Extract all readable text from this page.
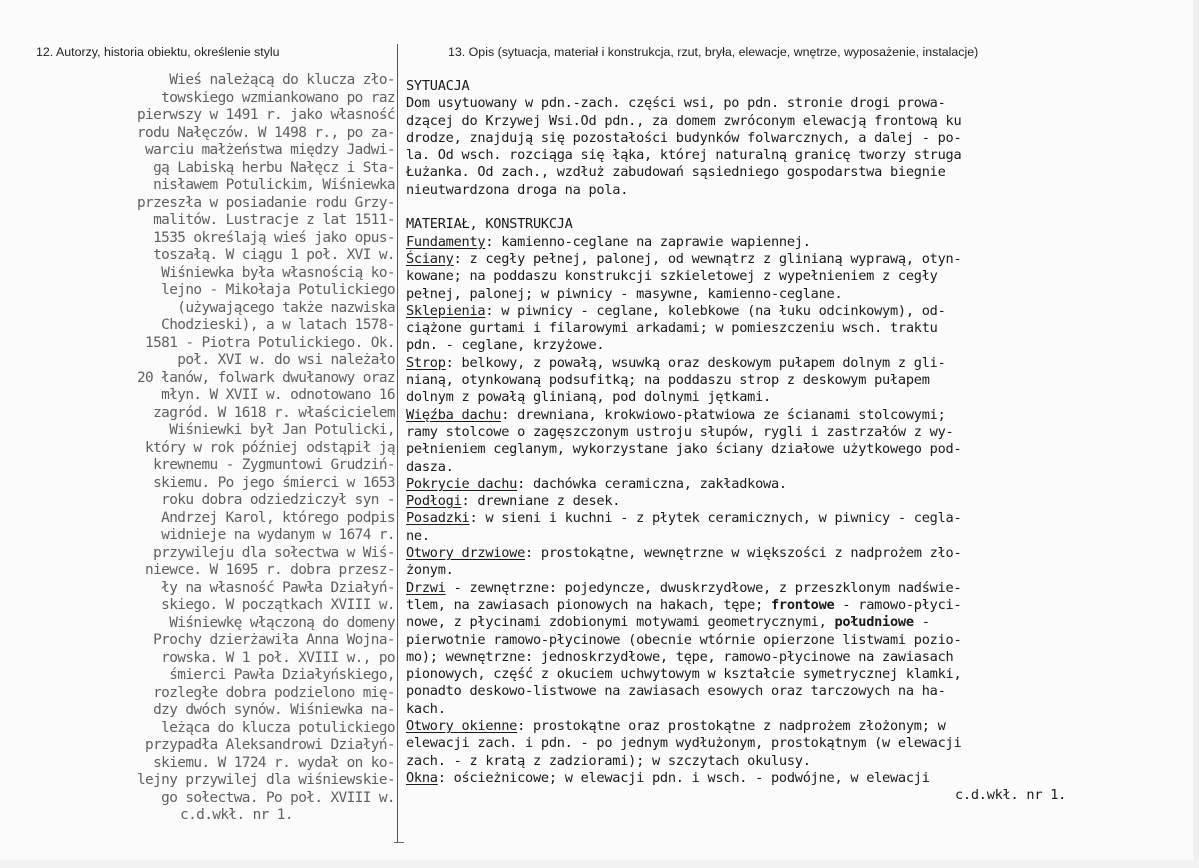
12. Autorzy, historia obiektu, określenie stylu	13. Opis (sytuacja, materiał i konstrukcja, rzut, bryła, elewacje, wnętrze, wyposażenie, instalacje)
Wieś należącą do klucza zło-
towskiego wzmiankowano po raz
pierwszy w 1491 r. jako własność
rodu Nałęczów. W 1498 r., po za-
warciu małżeństwa między Jadwi-
gą Labiską herbu Nałęcz i Sta-
nisławem Potulickim, Wiśniewka
przeszła w posiadanie rodu Grzy-
malitów. Lustracje z lat 1511-
1535 określają wieś jako opus-
toszałą. W ciągu 1 poł. XVI w.
Wiśniewka była własnością ko-
lejno - Mikołaja Potulickiego
(używającego także nazwiska
Chodzieski), a w latach 1578-
1581 - Piotra Potulickiego. Ok.
poł. XVI w. do wsi należało
20 łanów, folwark dwułanowy oraz
młyn. W XVII w. odnotowano 16
zagród. W 1618 r. właścicielem
Wiśniewki był Jan Potulicki,
który w rok później odstąpił ją
krewnemu - Zygmuntowi Grudziń-
skiemu. Po jego śmierci w 1653
roku dobra odziedziczył syn -
Andrzej Karol, którego podpis
widnieje na wydanym w 1674 r.
przywileju dla sołectwa w Wiś-
niewce. W 1695 r. dobra przesz-
ły na własność Pawła Działyń-
skiego. W początkach XVIII w.
Wiśniewkę włączoną do domeny
Prochy dzierżawiła Anna Wojna-
rowska. W 1 poł. XVIII w., po
śmierci Pawła Działyńskiego,
rozległe dobra podzielono mię-
dzy dwóch synów. Wiśniewka na-
leżąca do klucza potulickiego
przypadła Aleksandrowi Działyń-
skiemu. W 1724 r. wydał on ko-
lejny przywilej dla wiśniewskie-
go sołectwa. Po poł. XVIII w.
c.d.wkł. nr 1.
SYTUACJA
Dom usytuowany w pdn.-zach. części wsi, po pdn. stronie drogi prowa-
dzącej do Krzywej Wsi.Od pdn., za domem zwróconym elewacją frontową ku
drodze, znajdują się pozostałości budynków folwarcznych, a dalej - po-
la. Od wsch. rozciąga się łąka, której naturalną granicę tworzy struga
Łużanka. Od zach., wzdłuż zabudowań sąsiedniego gospodarstwa biegnie
nieutwardzona droga na pola.
MATERIAŁ, KONSTRUKCJA
Fundamenty: kamienno-ceglane na zaprawie wapiennej.
Ściany: z cegły pełnej, palonej, od wewnątrz z glinianą wyprawą, otyn-
kowane; na poddaszu konstrukcji szkieletowej z wypełnieniem z cegły
pełnej, palonej; w piwnicy - masywne, kamienno-ceglane.
Sklepienia: w piwnicy - ceglane, kolebkowe (na łuku odcinkowym), od-
ciążone gurtami i filarowymi arkadami; w pomieszczeniu wsch. traktu
pdn. - ceglane, krzyżowe.
Strop: belkowy, z powałą, wsuwką oraz deskowym pułapem dolnym z gli-
nianą, otynkowaną podsufitką; na poddaszu strop z deskowym pułapem
dolnym z powałą glinianą, pod dolnymi jętkami.
Więźba dachu: drewniana, krokwiowo-płatwiowa ze ścianami stolcowymi;
ramy stolcowe o zagęszczonym ustroju słupów, rygli i zastrzałów z wy-
pełnieniem ceglanym, wykorzystane jako ściany działowe użytkowego pod-
dasza.
Pokrycie dachu: dachówka ceramiczna, zakładkowa.
Podłogi: drewniane z desek.
Posadzki: w sieni i kuchni - z płytek ceramicznych, w piwnicy - cegla-
ne.
Otwory drzwiowe: prostokątne, wewnętrzne w większości z nadprożem zło-
żonym.
Drzwi - zewnętrzne: pojedyncze, dwuskrzydłowe, z przeszklonym nadświe-
tlem, na zawiasach pionowych na hakach, tępe; frontowe - ramowo-płyci-
nowe, z płycinami zdobionymi motywami geometrycznymi, południowe -
pierwotnie ramowo-płycinowe (obecnie wtórnie opierzone listwami pozio-
mo); wewnętrzne: jednoskrzydłowe, tępe, ramowo-płycinowe na zawiasach
pionowych, część z okuciem uchwytowym w kształcie symetrycznej klamki,
ponadto deskowo-listwowe na zawiasach esowych oraz tarczowych na ha-
kach.
Otwory okienne: prostokątne oraz prostokątne z nadprożem złożonym; w
elewacji zach. i pdn. - po jednym wydłużonym, prostokątnym (w elewacji
zach. - z kratą z zadziorami); w szczytach okulusy.
Okna: ościeżnicowe; w elewacji pdn. i wsch. - podwójne, w elewacji
c.d.wkł. nr 1.
